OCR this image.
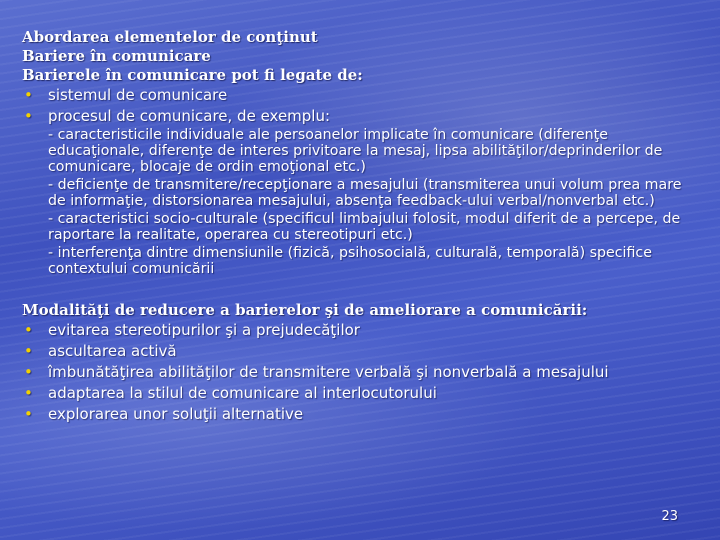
Abordarea elementelor de conţinut
Bariere în comunicare
Barierele în comunicare pot fi legate de:
• sistemul de comunicare
• procesul de comunicare, de exemplu:
- caracteristicile individuale ale persoanelor implicate în comunicare (diferenţe educaţionale, diferenţe de interes privitoare la mesaj, lipsa abilităţilor/deprinderilor de comunicare, blocaje de ordin emoţional etc.)
- deficienţe de transmitere/recepţionare a mesajului (transmiterea unui volum prea mare de informaţie, distorsionarea mesajului, absenţa feedback-ului verbal/nonverbal etc.)
- caracteristici socio-culturale (specificul limbajului folosit, modul diferit de a percepe, de raportare la realitate, operarea cu stereotipuri etc.)
- interferenţa dintre dimensiunile (fizică, psihosocială, culturală, temporală) specifice contextului comunicării
Modalităţi de reducere a barierelor şi de ameliorare a comunicării:
• evitarea stereotipurilor şi a prejudecăţilor
• ascultarea activă
• îmbunătăţirea abilităţilor de transmitere verbală şi nonverbală a mesajului
• adaptarea la stilul de comunicare al interlocutorului
• explorarea unor soluţii alternative
23
